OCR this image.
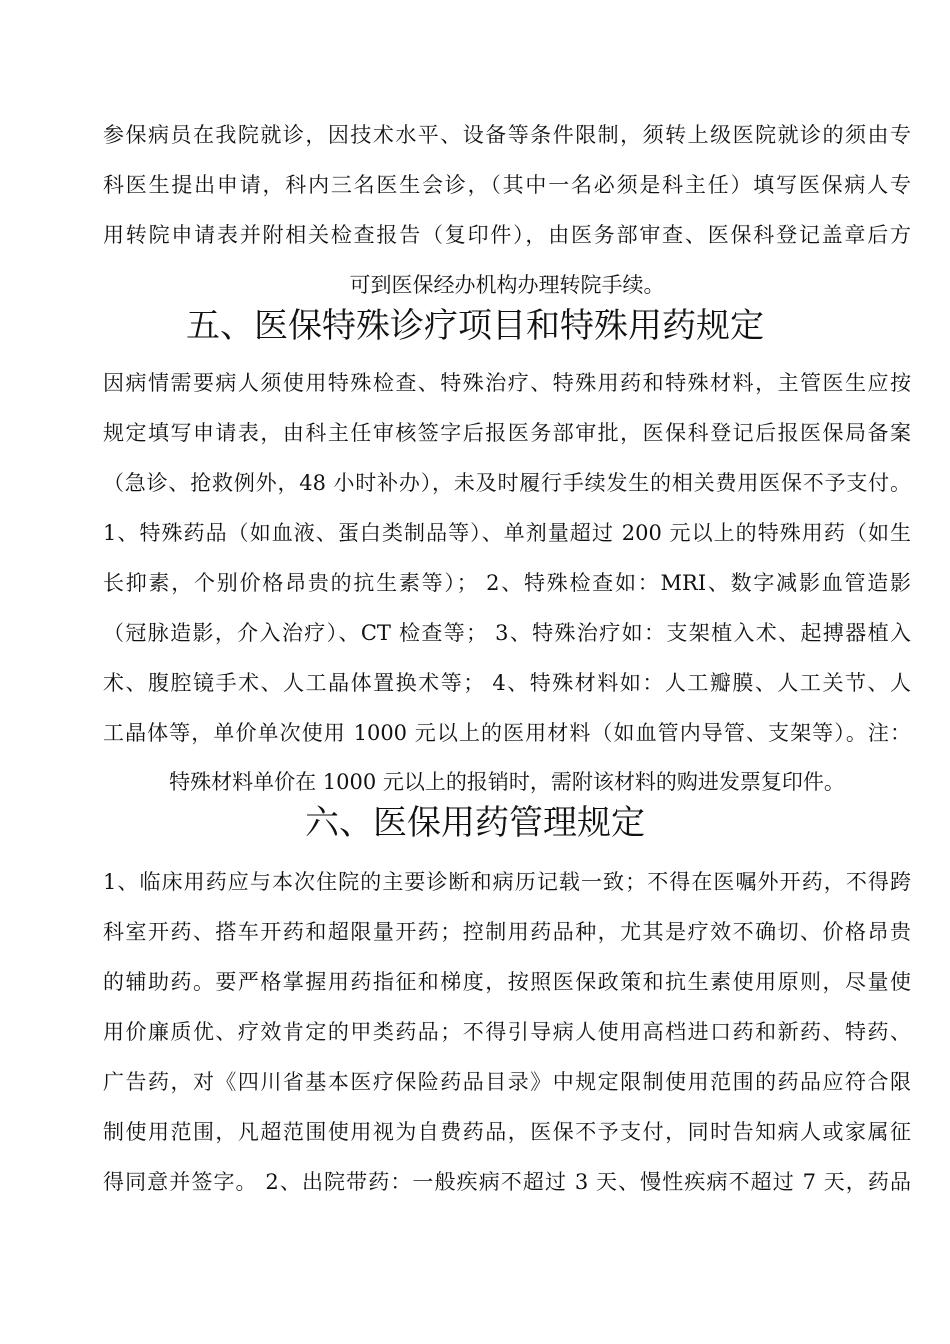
参保病员在我院就诊，因技术水平、设备等条件限制，须转上级医院就诊的须由专
科医生提出申请，科内三名医生会诊，（其中一名必须是科主任）填写医保病人专
用转院申请表并附相关检查报告（复印件），由医务部审查、医保科登记盖章后方
可到医保经办机构办理转院手续。
五、医保特殊诊疗项目和特殊用药规定
因病情需要病人须使用特殊检查、特殊治疗、特殊用药和特殊材料，主管医生应按
规定填写申请表，由科主任审核签字后报医务部审批，医保科登记后报医保局备案
（急诊、抢救例外，48 小时补办），未及时履行手续发生的相关费用医保不予支付。
1、特殊药品（如血液、蛋白类制品等）、单剂量超过 200 元以上的特殊用药（如生
长抑素，个别价格昂贵的抗生素等）； 2、特殊检查如：MRI、数字减影血管造影
（冠脉造影，介入治疗）、CT 检查等； 3、特殊治疗如：支架植入术、起搏器植入
术、腹腔镜手术、人工晶体置换术等； 4、特殊材料如：人工瓣膜、人工关节、人
工晶体等，单价单次使用 1000 元以上的医用材料（如血管内导管、支架等）。注：
特殊材料单价在 1000 元以上的报销时，需附该材料的购进发票复印件。
六、医保用药管理规定
1、临床用药应与本次住院的主要诊断和病历记载一致；不得在医嘱外开药，不得跨
科室开药、搭车开药和超限量开药；控制用药品种，尤其是疗效不确切、价格昂贵
的辅助药。要严格掌握用药指征和梯度，按照医保政策和抗生素使用原则，尽量使
用价廉质优、疗效肯定的甲类药品；不得引导病人使用高档进口药和新药、特药、
广告药，对《四川省基本医疗保险药品目录》中规定限制使用范围的药品应符合限
制使用范围，凡超范围使用视为自费药品，医保不予支付，同时告知病人或家属征
得同意并签字。 2、出院带药：一般疾病不超过 3 天、慢性疾病不超过 7 天，药品
